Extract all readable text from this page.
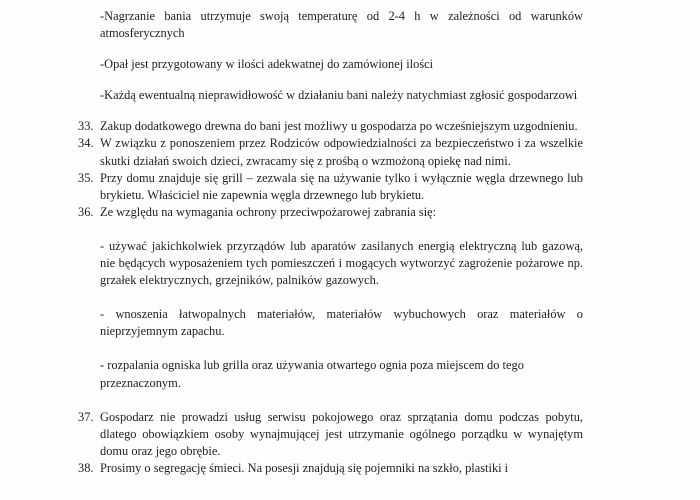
-Nagrzanie bania utrzymuje swoją temperaturę od 2-4 h w zależności od warunków atmosferycznych

-Opał jest przygotowany w ilości adekwatnej do zamówionej ilości

-Każdą ewentualną nieprawidłowość w działaniu bani należy natychmiast zgłosić gospodarzowi

33. Zakup dodatkowego drewna do bani jest możliwy u gospodarza po wcześniejszym uzgodnieniu.
34. W związku z ponoszeniem przez Rodziców odpowiedzialności za bezpieczeństwo i za wszelkie skutki działań swoich dzieci, zwracamy się z prośbą o wzmożoną opiekę nad nimi.
35. Przy domu znajduje się grill – zezwala się na używanie tylko i wyłącznie węgla drzewnego lub brykietu. Właściciel nie zapewnia węgla drzewnego lub brykietu.
36. Ze względu na wymagania ochrony przeciwpożarowej zabrania się:

- używać jakichkolwiek przyrządów lub aparatów zasilanych energią elektryczną lub gazową, nie będących wyposażeniem tych pomieszczeń i mogących wytworzyć zagrożenie pożarowe np. grzałek elektrycznych, grzejników, palników gazowych.

- wnoszenia łatwopalnych materiałów, materiałów wybuchowych oraz materiałów o nieprzyjemnym zapachu.

- rozpalania ogniska lub grilla oraz używania otwartego ognia poza miejscem do tego przeznaczonym.

37. Gospodarz nie prowadzi usług serwisu pokojowego oraz sprzątania domu podczas pobytu, dlatego obowiązkiem osoby wynajmującej jest utrzymanie ogólnego porządku w wynajętym domu oraz jego obrębie.
38. Prosimy o segregację śmieci. Na posesji znajdują się pojemniki na szkło, plastiki i
